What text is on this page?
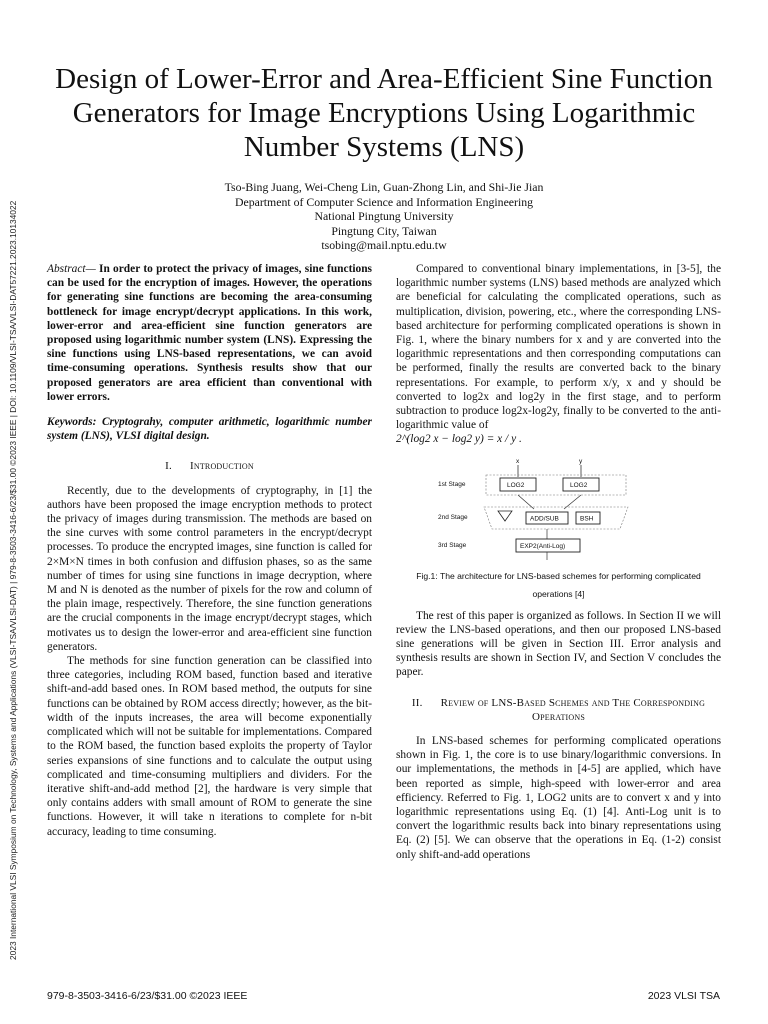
2023 International VLSI Symposium on Technology, Systems and Applications (VLSI-TSA/VLSI-DAT) | 979-8-3503-3416-6/23/$31.00 ©2023 IEEE | DOI: 10.1109/VLSI-TSA/VLSI-DAT57221.2023.10134022
Design of Lower-Error and Area-Efficient Sine Function Generators for Image Encryptions Using Logarithmic Number Systems (LNS)
Tso-Bing Juang, Wei-Cheng Lin, Guan-Zhong Lin, and Shi-Jie Jian
Department of Computer Science and Information Engineering
National Pingtung University
Pingtung City, Taiwan
tsobing@mail.nptu.edu.tw

Abstract— In order to protect the privacy of images, sine functions can be used for the encryption of images. However, the operations for generating sine functions are becoming the area-consuming bottleneck for image encrypt/decrypt applications. In this work, lower-error and area-efficient sine function generators are proposed using logarithmic number system (LNS). Expressing the sine functions using LNS-based representations, we can avoid time-consuming operations. Synthesis results show that our proposed generators are area efficient than conventional with lower errors.

Keywords: Cryptograhy, computer arithmetic, logarithmic number system (LNS), VLSI digital design.

I. Introduction

Recently, due to the developments of cryptography, in [1] the authors have been proposed the image encryption methods to protect the privacy of images during transmission. The methods are based on the sine curves with some control parameters in the encrypt/decrypt processes. To produce the encrypted images, sine function is called for 2×M×N times in both confusion and diffusion phases, so as the same number of times for using sine functions in image decryption, where M and N is denoted as the number of pixels for the row and column of the plain image, respectively. Therefore, the sine function generations are the crucial components in the image encrypt/decrypt stages, which motivates us to design the lower-error and area-efficient sine function generators.

The methods for sine function generation can be classified into three categories, including ROM based, function based and iterative shift-and-add based ones. In ROM based method, the outputs for sine functions can be obtained by ROM access directly; however, as the bit-width of the inputs increases, the area will become exponentially complicated which will not be suitable for implementations. Compared to the ROM based, the function based exploits the property of Taylor series expansions of sine functions and to calculate the output using complicated and time-consuming multipliers and dividers. For the iterative shift-and-add method [2], the hardware is very simple that only contains adders with small amount of ROM to generate the sine functions. However, it will take n iterations to complete for n-bit accuracy, leading to time consuming.

Compared to conventional binary implementations, in [3-5], the logarithmic number systems (LNS) based methods are analyzed which are beneficial for calculating the complicated operations, such as multiplication, division, powering, etc., where the corresponding LNS-based architecture for performing complicated operations is shown in Fig. 1, where the binary numbers for x and y are converted into the logarithmic representations and then corresponding computations can be performed, finally the results are converted back to the binary representations. For example, to perform x/y, x and y should be converted to log2x and log2y in the first stage, and to perform subtraction to produce log2x-log2y, finally to be converted to the anti-logarithmic value of

2^(log2 x − log2 y) = x / y .

x	y
1st Stage
2nd Stage
3rd Stage
LOG2	LOG2
ADD/SUB	BSH
EXP2(Anti-Log)
Fig.1: The architecture for LNS-based schemes for performing complicated operations [4]

The rest of this paper is organized as follows. In Section II we will review the LNS-based operations, and then our proposed LNS-based sine generations will be given in Section III. Error analysis and synthesis results are shown in Section IV, and Section V concludes the paper.

II. Review of LNS-Based Schemes and The Corresponding Operations

In LNS-based schemes for performing complicated operations shown in Fig. 1, the core is to use binary/logarithmic conversions. In our implementations, the methods in [4-5] are applied, which have been reported as simple, high-speed with lower-error and area efficiency. Referred to Fig. 1, LOG2 units are to convert x and y into logarithmic representations using Eq. (1) [4]. Anti-Log unit is to convert the logarithmic results back into binary representations using Eq. (2) [5]. We can observe that the operations in Eq. (1-2) consist only shift-and-add operations

979-8-3503-3416-6/23/$31.00 ©2023 IEEE	2023 VLSI TSA
